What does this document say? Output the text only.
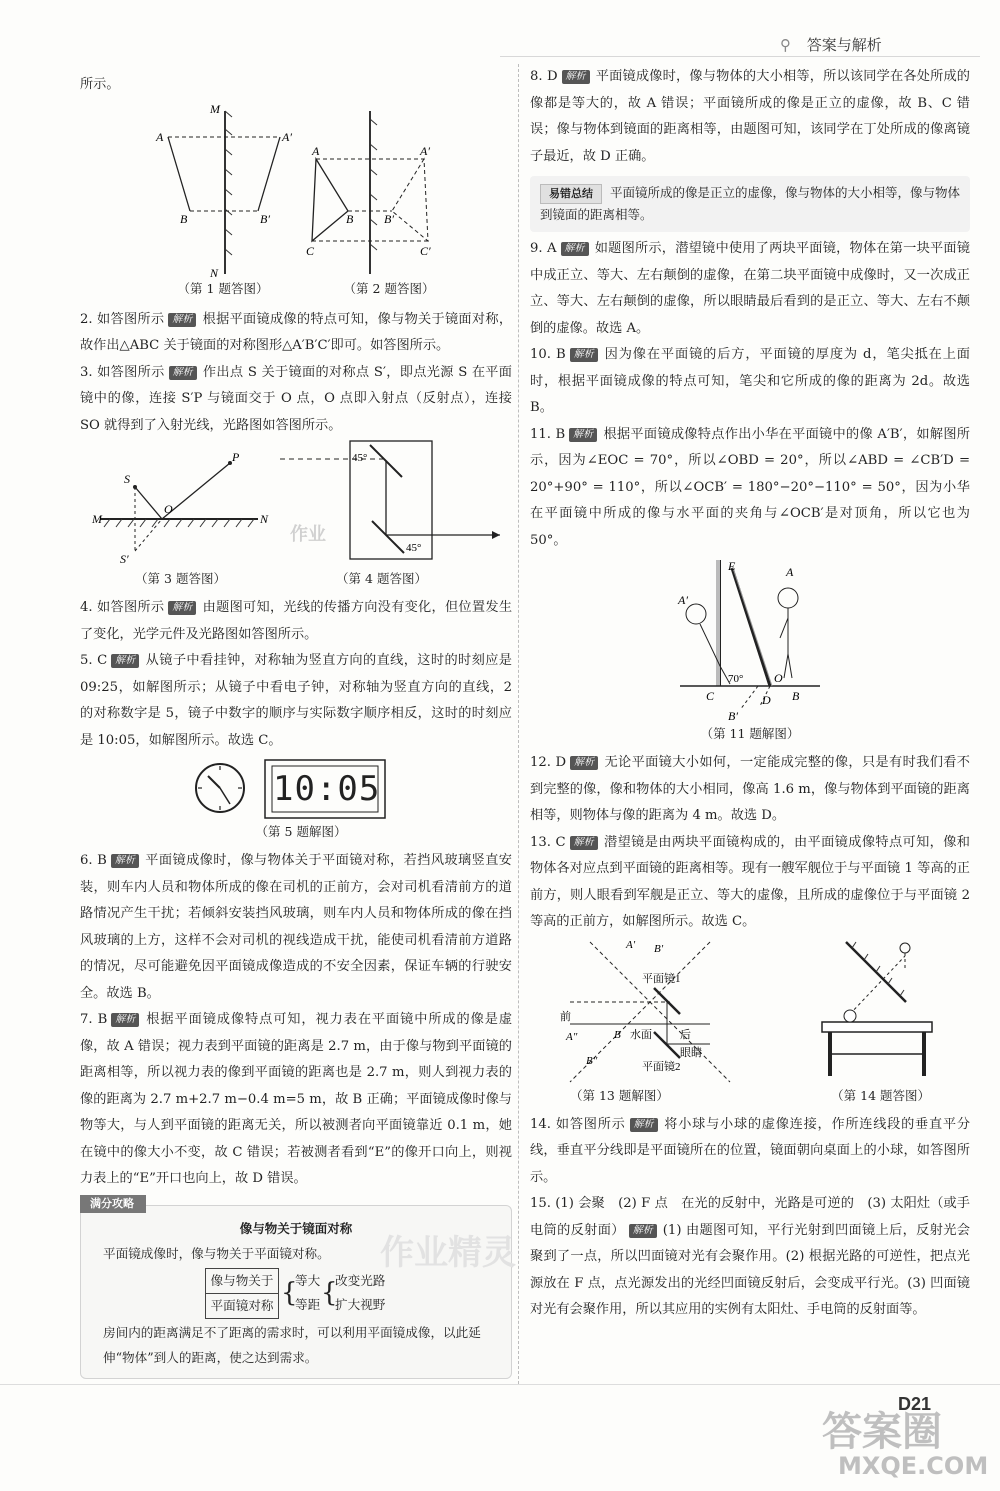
⚲ 答案与解析

所示。

M
N
A
B
A′
B′
A
B
C
A′
B′
C′
（第 1 题答图）	（第 2 题答图）

2. 如答图所示 解析 根据平面镜成像的特点可知，像与物关于镜面对称，故作出△ABC 关于镜面的对称图形△A′B′C′即可。如答图所示。

3. 如答图所示 解析 作出点 S 关于镜面的对称点 S′，即点光源 S 在平面镜中的像，连接 S′P 与镜面交于 O 点，O 点即入射点（反射点），连接 SO 就得到了入射光线，光路图如答图所示。

S
P
O
M	N
S′
45°
45°
（第 3 题答图）	（第 4 题答图）

4. 如答图所示 解析 由题图可知，光线的传播方向没有变化，但位置发生了变化，光学元件及光路图如答图所示。

5. C 解析 从镜子中看挂钟，对称轴为竖直方向的直线，这时的时刻应是 09:25，如解图所示；从镜子中看电子钟，对称轴为竖直方向的直线，2 的对称数字是 5，镜子中数字的顺序与实际数字顺序相反，这时的时刻应是 10:05，如解图所示。故选 C。

10:05
（第 5 题解图）

6. B 解析 平面镜成像时，像与物体关于平面镜对称，若挡风玻璃竖直安装，则车内人员和物体所成的像在司机的正前方，会对司机看清前方的道路情况产生干扰；若倾斜安装挡风玻璃，则车内人员和物体所成的像在挡风玻璃的上方，这样不会对司机的视线造成干扰，能使司机看清前方道路的情况，尽可能避免因平面镜成像造成的不安全因素，保证车辆的行驶安全。故选 B。

7. B 解析 根据平面镜成像特点可知，视力表在平面镜中所成的像是虚像，故 A 错误；视力表到平面镜的距离是 2.7 m，由于像与物到平面镜的距离相等，所以视力表的像到平面镜的距离也是 2.7 m，则人到视力表的像的距离为 2.7 m+2.7 m−0.4 m=5 m，故 B 正确；平面镜成像时像与物等大，与人到平面镜的距离无关，所以被测者向平面镜靠近 0.1 m，她在镜中的像大小不变，故 C 错误；若被测者看到“E”的像开口向上，则视力表上的“E”开口也向上，故 D 错误。

满分攻略
像与物关于镜面对称
平面镜成像时，像与物关于平面镜对称。
像与物关于
平面镜对称 {
等大
等距 {
改变光路
扩大视野
房间内的距离满足不了距离的需求时，可以利用平面镜成像，以此延伸“物体”到人的距离，使之达到需求。

8. D 解析 平面镜成像时，像与物体的大小相等，所以该同学在各处所成的像都是等大的，故 A 错误；平面镜所成的像是正立的虚像，故 B、C 错误；像与物体到镜面的距离相等，由题图可知，该同学在丁处所成的像离镜子最近，故 D 正确。

易错总结 平面镜所成的像是正立的虚像，像与物体的大小相等，像与物体到镜面的距离相等。

9. A 解析 如题图所示，潜望镜中使用了两块平面镜，物体在第一块平面镜中成正立、等大、左右颠倒的虚像，在第二块平面镜中成像时，又一次成正立、等大、左右颠倒的虚像，所以眼睛最后看到的是正立、等大、左右不颠倒的虚像。故选 A。

10. B 解析 因为像在平面镜的后方，平面镜的厚度为 d，笔尖抵在上面时，根据平面镜成像的特点可知，笔尖和它所成的像的距离为 2d。故选 B。

11. B 解析 根据平面镜成像特点作出小华在平面镜中的像 A′B′，如解图所示，因为∠EOC = 70°，所以∠OBD = 20°，所以∠ABD = ∠CB′D = 20°+90° = 110°，所以∠OCB′ = 180°−20°−110° = 50°，因为小华在平面镜中所成的像与水平面的夹角与∠OCB′是对顶角，所以它也为 50°。

E	A
A′
C
O
B
D
B′
70°
（第 11 题解图）

12. D 解析 无论平面镜大小如何，一定能成完整的像，只是有时我们看不到完整的像，像和物体的大小相同，像高 1.6 m，像与物体到平面镜的距离相等，则物体与像的距离为 4 m。故选 D。

13. C 解析 潜望镜是由两块平面镜构成的，由平面镜成像特点可知，像和物体各对应点到平面镜的距离相等。现有一艘军舰位于与平面镜 1 等高的正前方，则人眼看到军舰是正立、等大的虚像，且所成的虚像位于与平面镜 2 等高的正前方，如解图所示。故选 C。

A′ B′
平面镜1
前
后
A″	B 水面
眼睛
B″	平面镜2
（第 13 题解图）	（第 14 题答图）

14. 如答图所示 解析 将小球与小球的虚像连接，作所连线段的垂直平分线，垂直平分线即是平面镜所在的位置，镜面朝向桌面上的小球，如答图所示。

15. (1) 会聚　(2) F 点　在光的反射中，光路是可逆的　(3) 太阳灶（或手电筒的反射面） 解析 (1) 由题图可知，平行光射到凹面镜上后，反射光会聚到了一点，所以凹面镜对光有会聚作用。(2) 根据光路的可逆性，把点光源放在 F 点，点光源发出的光经凹面镜反射后，会变成平行光。(3) 凹面镜对光有会聚作用，所以其应用的实例有太阳灶、手电筒的反射面等。

D21
作业
作业精灵
答案圈
MXQE.COM
